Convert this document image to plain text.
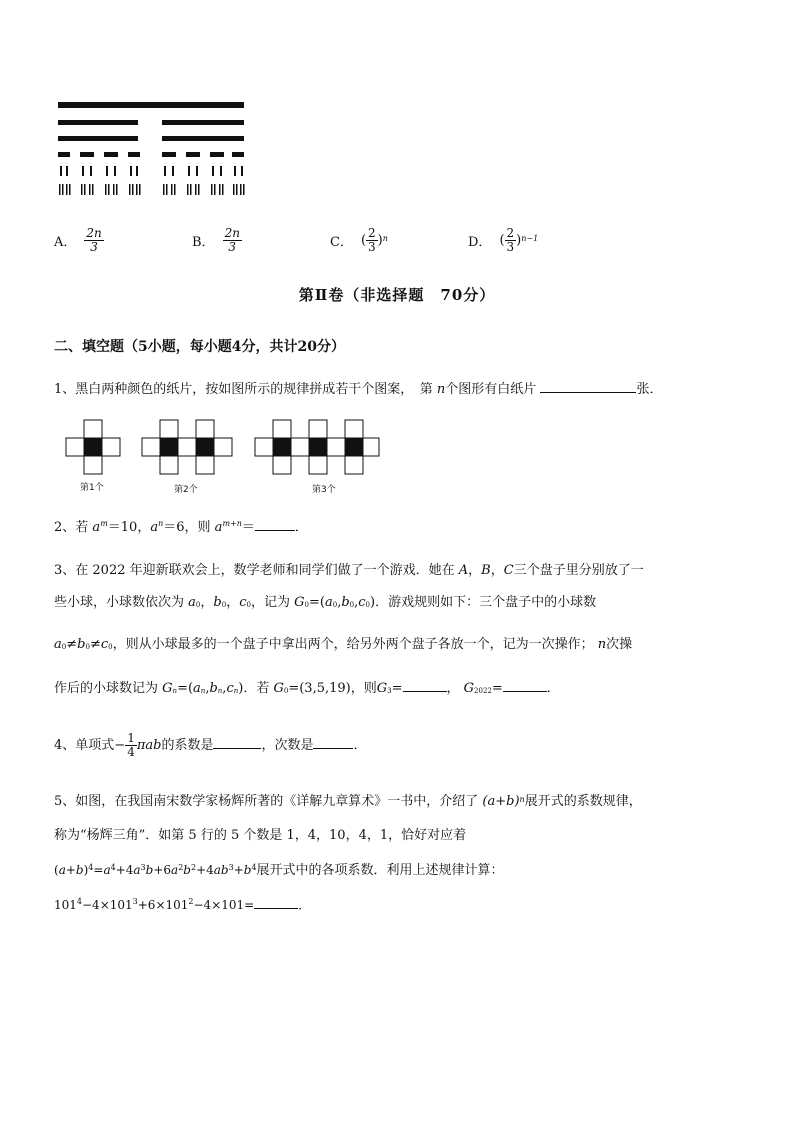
A． $\frac{2n}{3}$	B． $\frac{2n}{3}$	C． ( $\frac{2}{3}$ ) n	D． ( $\frac{2}{3}$ ) n−1
第Ⅱ卷（非选择题　70分）
二、填空题（5小题，每小题4分，共计20分）
1、黑白两种颜色的纸片，按如图所示的规律拼成若干个图案，　第 n个图形有白纸片	张．
第1个	第2个	第3个
2、若 $a^m=10$，$a^n=6$，则 $a^{m+n}=$	．
3、在 2022 年迎新联欢会上，数学老师和同学们做了一个游戏．她在 A，B，C三个盘子里分别放了一
些小球，小球数依次为 a0，b0，c0，记为 G0=(a0,b0,c0)．游戏规则如下：三个盘子中的小球数
a0≠b0≠c0，则从小球最多的一个盘子中拿出两个，给另外两个盘子各放一个，记为一次操作； n次操
作后的小球数记为 Gn=(an,bn,cn)．若 G0=(3,5,19)，则G3=	， G2022=	．
4、单项式− $\frac{1}{4}$ πab的系数是	，次数是	．
5、如图，在我国南宋数学家杨辉所著的《详解九章算术》一书中，介绍了 $(a+b)^n$展开式的系数规律，
称为“杨辉三角”．如第 5 行的 5 个数是 1，4，10，4，1，恰好对应着
$(a+b)^4=a^4+4a^3b+6a^2b^2+4ab^3+b^4$展开式中的各项系数．利用上述规律计算：
$101^4-4\times 101^3+6\times 101^2-4\times 101=$	．
